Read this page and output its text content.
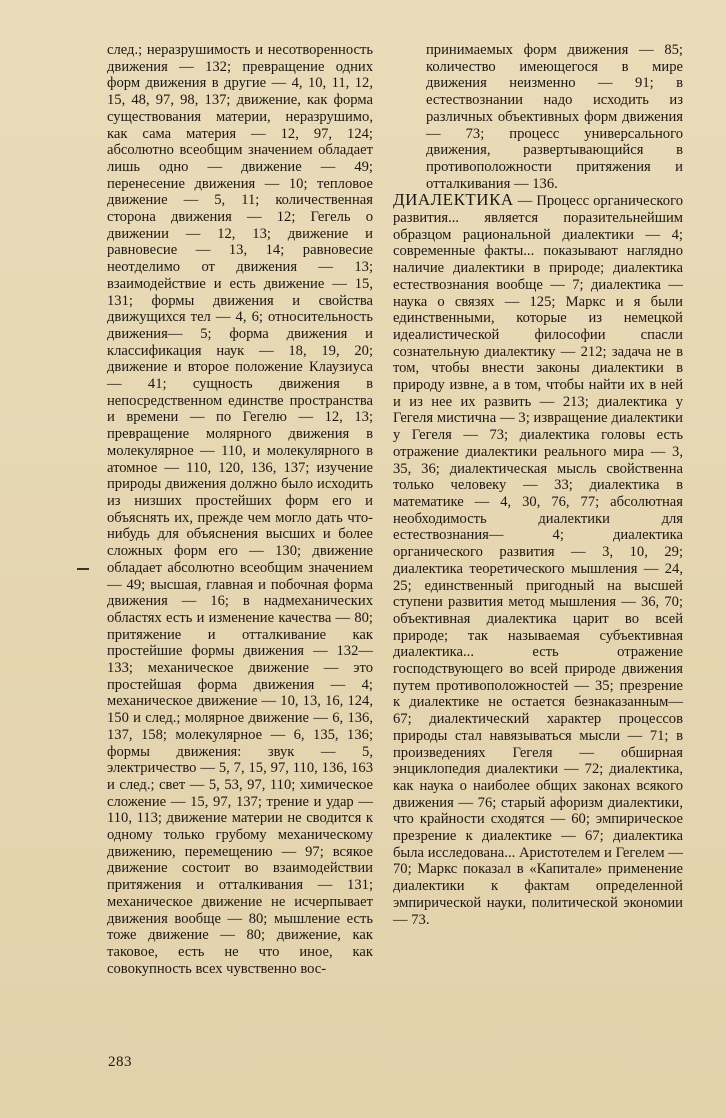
след.; неразрушимость и несотворенность движения — 132; превращение одних форм движения в другие — 4, 10, 11, 12, 15, 48, 97, 98, 137; движение, как форма существования материи, неразрушимо, как сама материя — 12, 97, 124; абсолютно всеобщим значением обладает лишь одно — движение — 49; перенесение движения — 10; тепловое движение — 5, 11; количественная сторона движения — 12; Гегель о движении — 12, 13; движение и равновесие — 13, 14; равновесие неотделимо от движения — 13; взаимодействие и есть движение — 15, 131; формы движения и свойства движущихся тел — 4, 6; относительность движения— 5; форма движения и классификация наук — 18, 19, 20; движение и второе положение Клаузиуса— 41; сущность движения в непосредственном единстве пространства и времени — по Гегелю — 12, 13; превращение молярного движения в молекулярное — 110, и молекулярного в атомное — 110, 120, 136, 137; изучение природы движения должно было исходить из низших простейших форм его и объяснять их, прежде чем могло дать что-нибудь для объяснения высших и более сложных форм его — 130; движение обладает абсолютно всеобщим значением — 49; высшая, главная и побочная форма движения — 16; в надмеханических областях есть и изменение качества — 80; притяжение и отталкивание как простейшие формы движения — 132—133; механическое движение — это простейшая форма движения — 4; механическое движение — 10, 13, 16, 124, 150 и след.; молярное движение — 6, 136, 137, 158; молекулярное — 6, 135, 136; формы движения: звук — 5, электричество — 5, 7, 15, 97, 110, 136, 163 и след.; свет — 5, 53, 97, 110; химическое сложение — 15, 97, 137; трение и удар — 110, 113; движение материи не сводится к одному только грубому механическому движению, перемещению — 97; всякое движение состоит во взаимодействии притяжения и отталкивания — 131; механическое движение не исчерпывает движения вообще — 80; мышление есть тоже движение — 80; движение, как таковое, есть не что иное, как совокупность всех чувственно вос-
принимаемых форм движения — 85; количество имеющегося в мире движения неизменно — 91; в естествознании надо исходить из различных объективных форм движения — 73; процесс универсального движения, развертывающийся в противоположности притяжения и отталкивания — 136.
ДИАЛЕКТИКА — Процесс органического развития... является поразительнейшим образцом рациональной диалектики — 4; современные факты... показывают наглядно наличие диалектики в природе; диалектика естествознания вообще — 7; диалектика — наука о связях — 125; Маркс и я были единственными, которые из немецкой идеалистической философии спасли сознательную диалектику — 212; задача не в том, чтобы внести законы диалектики в природу извне, а в том, чтобы найти их в ней и из нее их развить — 213; диалектика у Гегеля мистична — 3; извращение диалектики у Гегеля — 73; диалектика головы есть отражение диалектики реального мира — 3, 35, 36; диалектическая мысль свойственна только человеку — 33; диалектика в математике — 4, 30, 76, 77; абсолютная необходимость диалектики для естествознания— 4; диалектика органического развития — 3, 10, 29; диалектика теоретического мышления — 24, 25; единственный пригодный на высшей ступени развития метод мышления — 36, 70; объективная диалектика царит во всей природе; так называемая субъективная диалектика... есть отражение господствующего во всей природе движения путем противоположностей — 35; презрение к диалектике не остается безнаказанным— 67; диалектический характер процессов природы стал навязываться мысли — 71; в произведениях Гегеля — обширная энциклопедия диалектики — 72; диалектика, как наука о наиболее общих законах всякого движения — 76; старый афоризм диалектики, что крайности сходятся — 60; эмпирическое презрение к диалектике — 67; диалектика была исследована... Аристотелем и Гегелем — 70; Маркс показал в «Капитале» применение диалектики к фактам определенной эмпирической науки, политической экономии — 73.
283
